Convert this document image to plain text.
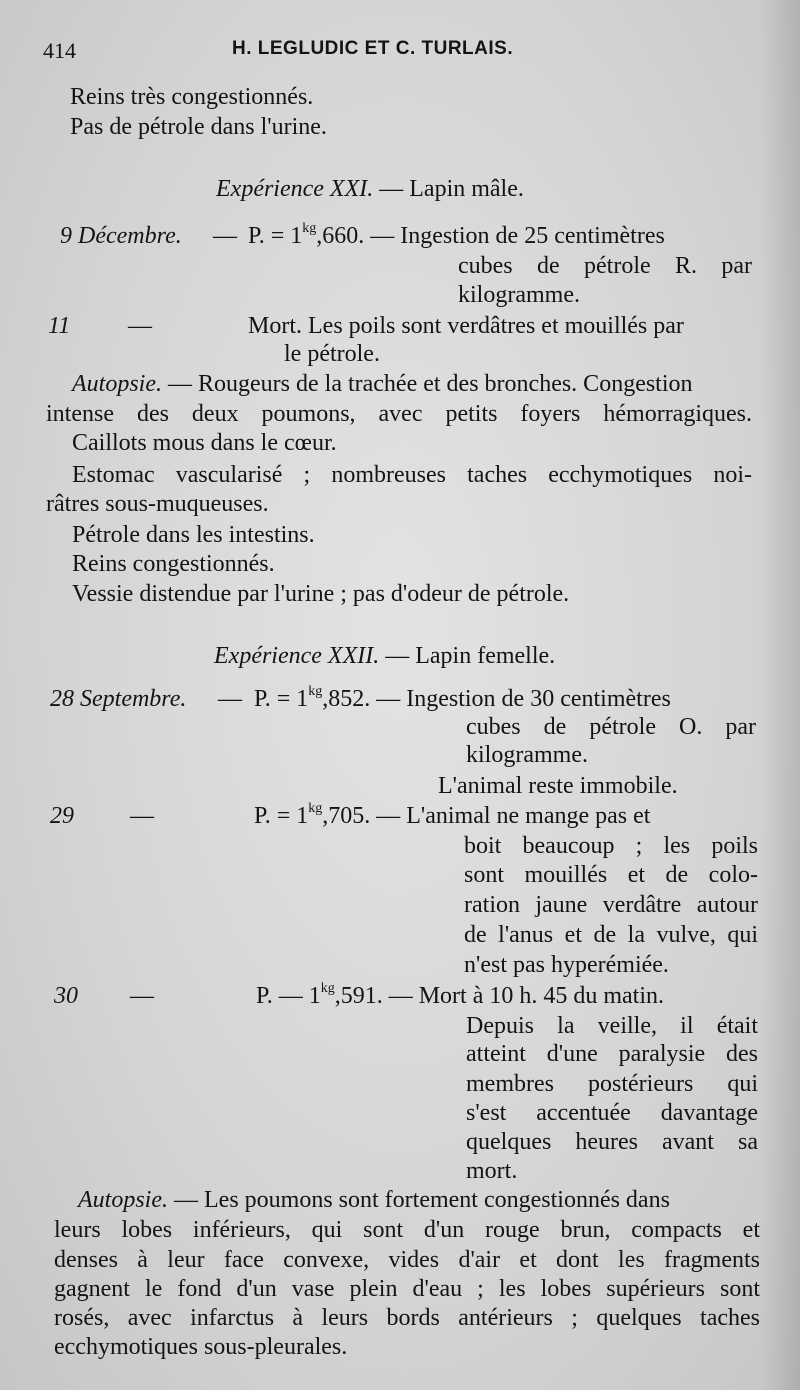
414	H. LEGLUDIC ET C. TURLAIS.
Reins très congestionnés.
Pas de pétrole dans l'urine.
Expérience XXI. — Lapin mâle.
9 Décembre. — P. = $1^{kg},660$. — Ingestion de 25 centimètres
cubes de pétrole R. par
kilogramme.
11 —	Mort. Les poils sont verdâtres et mouillés par
le pétrole.
Autopsie. — Rougeurs de la trachée et des bronches. Congestion
intense des deux poumons, avec petits foyers hémorragiques.
Caillots mous dans le cœur.
Estomac vascularisé ; nombreuses taches ecchymotiques noi-
râtres sous-muqueuses.
Pétrole dans les intestins.
Reins congestionnés.
Vessie distendue par l'urine ; pas d'odeur de pétrole.
Expérience XXII. — Lapin femelle.
28 Septembre. — P. = $1^{kg},852$. — Ingestion de 30 centimètres
cubes de pétrole O. par
kilogramme.
L'animal reste immobile.
29 —	P. = $1^{kg},705$. — L'animal ne mange pas et
boit beaucoup ; les poils
sont mouillés et de colo-
ration jaune verdâtre autour
de l'anus et de la vulve, qui
n'est pas hyperémiée.
30 —	P. — $1^{kg},591$. — Mort à 10 h. 45 du matin.
Depuis la veille, il était
atteint d'une paralysie des
membres postérieurs qui
s'est accentuée davantage
quelques heures avant sa
mort.
Autopsie. — Les poumons sont fortement congestionnés dans
leurs lobes inférieurs, qui sont d'un rouge brun, compacts et
denses à leur face convexe, vides d'air et dont les fragments
gagnent le fond d'un vase plein d'eau ; les lobes supérieurs sont
rosés, avec infarctus à leurs bords antérieurs ; quelques taches
ecchymotiques sous-pleurales.
